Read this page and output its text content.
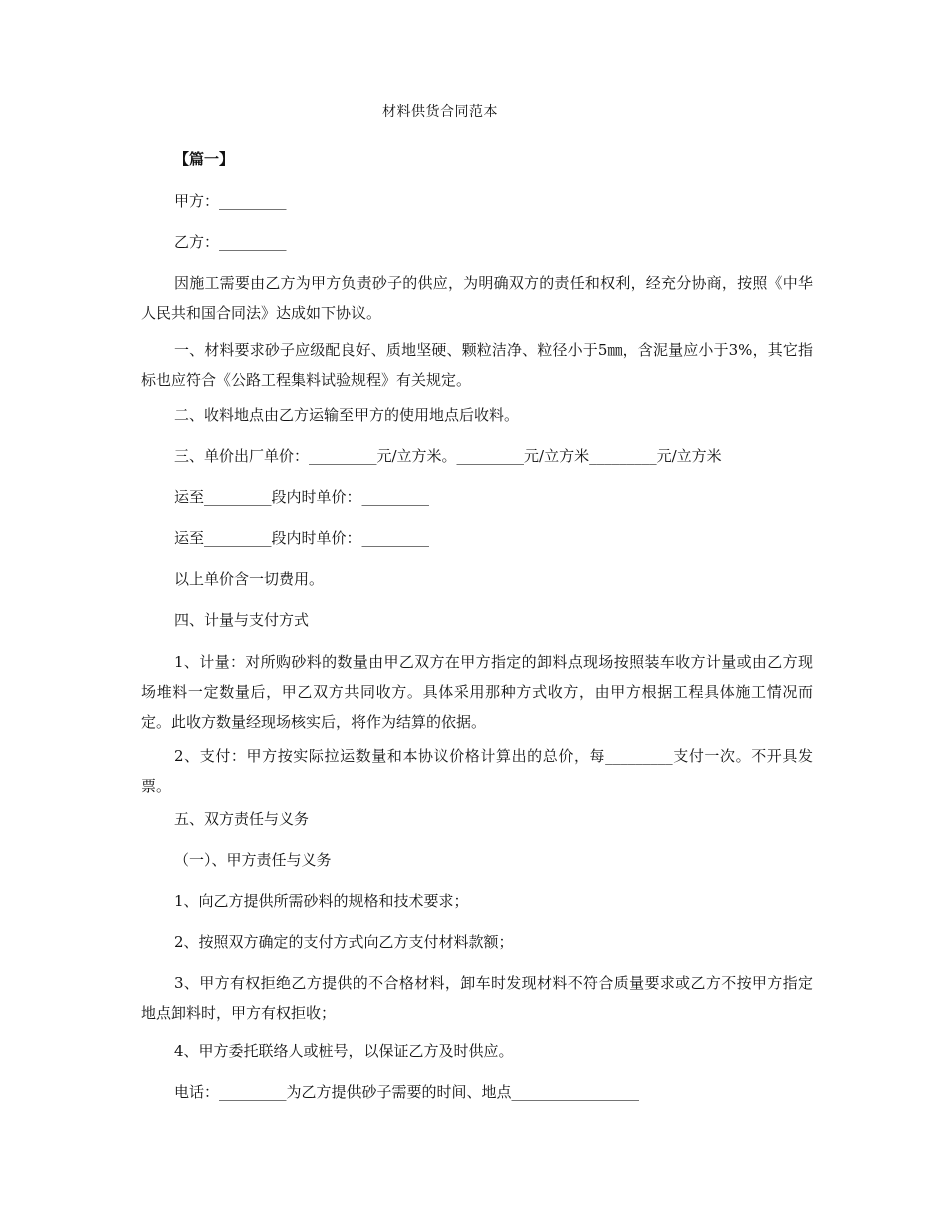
材料供货合同范本
【篇一】
甲方：_________
乙方：_________
因施工需要由乙方为甲方负责砂子的供应，为明确双方的责任和权利，经充分协商，按照《中华人民共和国合同法》达成如下协议。
一、材料要求砂子应级配良好、质地坚硬、颗粒洁净、粒径小于5㎜，含泥量应小于3%，其它指标也应符合《公路工程集料试验规程》有关规定。
二、收料地点由乙方运输至甲方的使用地点后收料。
三、单价出厂单价：_________元/立方米。_________元/立方米_________元/立方米
运至_________段内时单价：_________
运至_________段内时单价：_________
以上单价含一切费用。
四、计量与支付方式
1、计量：对所购砂料的数量由甲乙双方在甲方指定的卸料点现场按照装车收方计量或由乙方现场堆料一定数量后，甲乙双方共同收方。具体采用那种方式收方，由甲方根据工程具体施工情况而定。此收方数量经现场核实后，将作为结算的依据。
2、支付：甲方按实际拉运数量和本协议价格计算出的总价，每_________支付一次。不开具发票。
五、双方责任与义务
（一）、甲方责任与义务
1、向乙方提供所需砂料的规格和技术要求；
2、按照双方确定的支付方式向乙方支付材料款额；
3、甲方有权拒绝乙方提供的不合格材料，卸车时发现材料不符合质量要求或乙方不按甲方指定地点卸料时，甲方有权拒收；
4、甲方委托联络人或桩号，以保证乙方及时供应。
电话：_________为乙方提供砂子需要的时间、地点_________________
